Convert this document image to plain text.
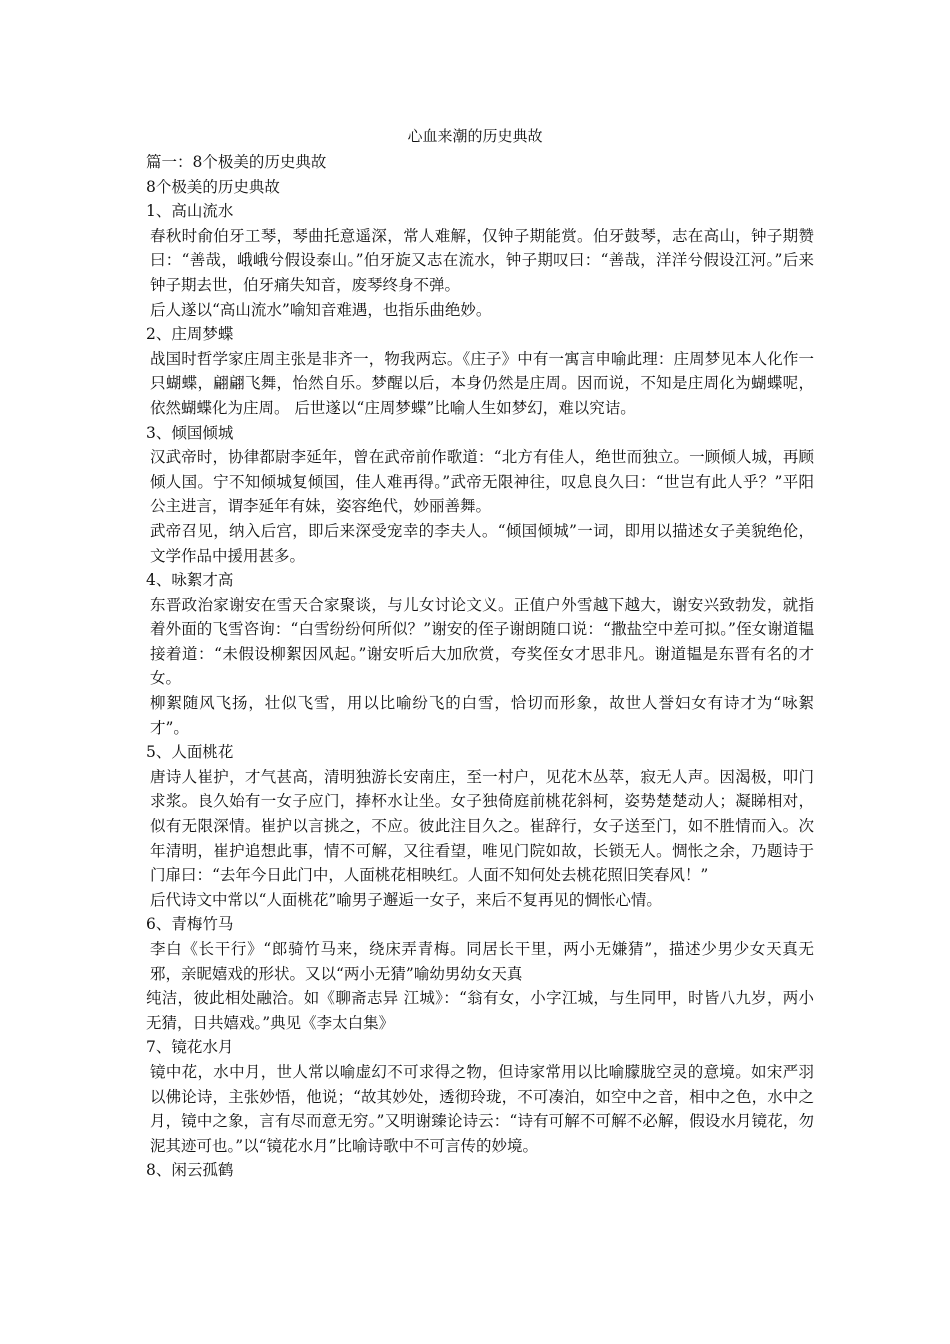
心血来潮的历史典故

篇一：8个极美的历史典故

8个极美的历史典故

1、高山流水

春秋时俞伯牙工琴，琴曲托意遥深，常人难解，仅钟子期能赏。伯牙鼓琴，志在高山，钟子期赞曰：“善哉，峨峨兮假设泰山。”伯牙旋又志在流水，钟子期叹曰：“善哉，洋洋兮假设江河。”后来钟子期去世，伯牙痛失知音，废琴终身不弹。

后人遂以“高山流水”喻知音难遇，也指乐曲绝妙。

2、庄周梦蝶

战国时哲学家庄周主张是非齐一，物我两忘。《庄子》中有一寓言申喻此理：庄周梦见本人化作一只蝴蝶，翩翩飞舞，怡然自乐。梦醒以后，本身仍然是庄周。因而说，不知是庄周化为蝴蝶呢，依然蝴蝶化为庄周。 后世遂以“庄周梦蝶”比喻人生如梦幻，难以究诘。

3、倾国倾城

汉武帝时，协律都尉李延年，曾在武帝前作歌道：“北方有佳人，绝世而独立。一顾倾人城，再顾倾人国。宁不知倾城复倾国，佳人难再得。”武帝无限神往，叹息良久曰：“世岂有此人乎？”平阳公主进言，谓李延年有妹，姿容绝代，妙丽善舞。

武帝召见，纳入后宫，即后来深受宠幸的李夫人。“倾国倾城”一词，即用以描述女子美貌绝伦，文学作品中援用甚多。

4、咏絮才高

东晋政治家谢安在雪天合家聚谈，与儿女讨论文义。正值户外雪越下越大，谢安兴致勃发，就指着外面的飞雪咨询：“白雪纷纷何所似？”谢安的侄子谢朗随口说：“撒盐空中差可拟。”侄女谢道韫接着道：“未假设柳絮因风起。”谢安听后大加欣赏，夸奖侄女才思非凡。谢道韫是东晋有名的才女。

柳絮随风飞扬，壮似飞雪，用以比喻纷飞的白雪，恰切而形象，故世人誉妇女有诗才为“咏絮才”。

5、人面桃花

唐诗人崔护，才气甚高，清明独游长安南庄，至一村户，见花木丛萃，寂无人声。因渴极，叩门求浆。良久始有一女子应门，捧杯水让坐。女子独倚庭前桃花斜柯，姿势楚楚动人；凝睇相对，似有无限深情。崔护以言挑之，不应。彼此注目久之。崔辞行，女子送至门，如不胜情而入。次年清明，崔护追想此事，情不可解，又往看望，唯见门院如故，长锁无人。惆怅之余，乃题诗于门扉曰：“去年今日此门中，人面桃花相映红。人面不知何处去桃花照旧笑春风！”

后代诗文中常以“人面桃花”喻男子邂逅一女子，来后不复再见的惆怅心情。

6、青梅竹马

李白《长干行》“郎骑竹马来，绕床弄青梅。同居长干里，两小无嫌猜”，描述少男少女天真无邪，亲昵嬉戏的形状。又以“两小无猜”喻幼男幼女天真

纯洁，彼此相处融洽。如《聊斋志异 江城》：“翁有女，小字江城，与生同甲，时皆八九岁，两小无猜，日共嬉戏。”典见《李太白集》

7、镜花水月

镜中花，水中月，世人常以喻虚幻不可求得之物，但诗家常用以比喻朦胧空灵的意境。如宋严羽以佛论诗，主张妙悟，他说；“故其妙处，透彻玲珑，不可凑泊，如空中之音，相中之色，水中之月，镜中之象，言有尽而意无穷。”又明谢臻论诗云：“诗有可解不可解不必解，假设水月镜花，勿泥其迹可也。”以“镜花水月”比喻诗歌中不可言传的妙境。

8、闲云孤鹤
